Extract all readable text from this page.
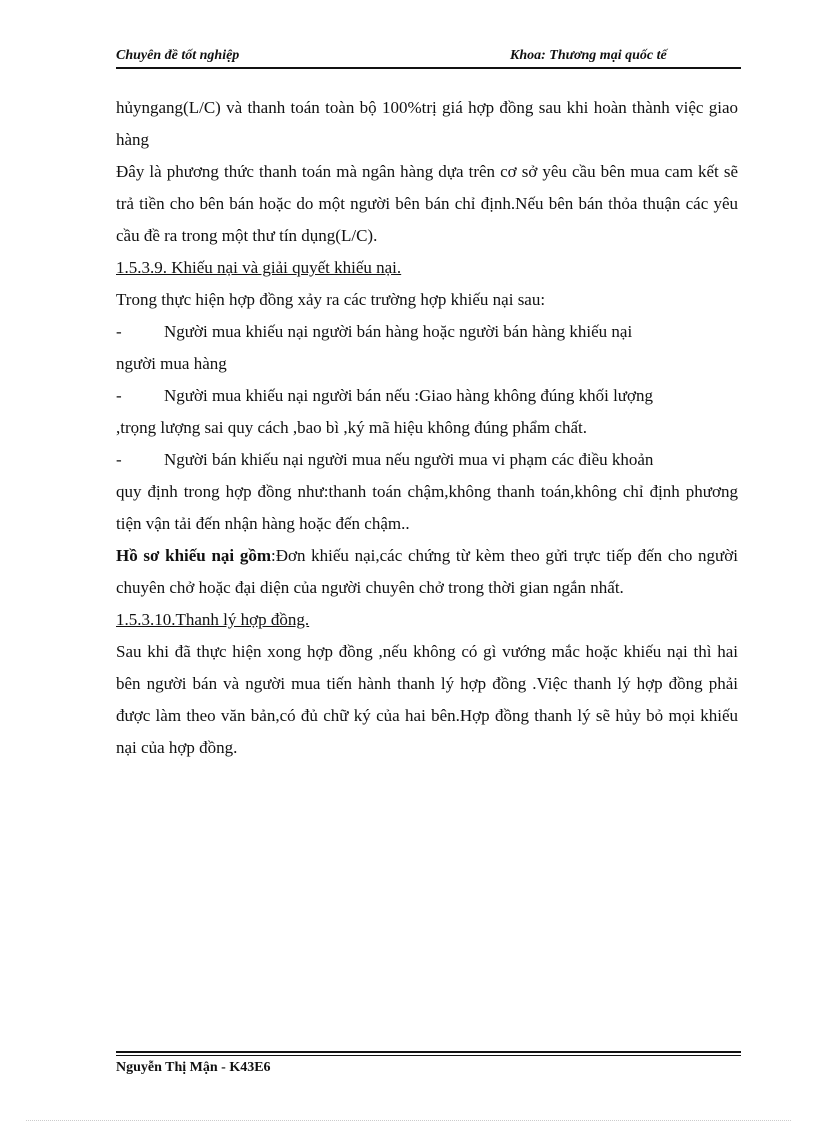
Chuyên đề tốt nghiệp	Khoa: Thương mại quốc tế

hủyngang(L/C) và thanh toán toàn bộ 100%trị giá hợp đồng sau khi hoàn thành việc giao hàng

Đây là phương thức thanh toán mà ngân hàng dựa trên cơ sở yêu cầu bên mua cam kết sẽ trả tiền cho bên bán hoặc do một người bên bán chỉ định.Nếu bên bán thỏa thuận các yêu cầu đề ra trong một thư tín dụng(L/C).

1.5.3.9. Khiếu nại và giải quyết khiếu nại.

Trong thực hiện hợp đồng xảy ra các trường hợp khiếu nại sau:

-	Người mua khiếu nại người bán hàng hoặc người bán hàng khiếu nại

người mua hàng

-	Người mua khiếu nại người bán nếu :Giao hàng không đúng khối lượng

,trọng lượng sai quy cách ,bao bì ,ký mã hiệu không đúng phẩm chất.

-	Người bán khiếu nại người mua nếu người mua vi phạm các điều khoản

quy định trong hợp đồng như:thanh toán chậm,không thanh toán,không chỉ định phương tiện vận tải đến nhận hàng hoặc đến chậm..

Hồ sơ khiếu nại gồm:Đơn khiếu nại,các chứng từ kèm theo gửi trực tiếp đến cho người chuyên chở hoặc đại diện của người chuyên chở trong thời gian ngắn nhất.

1.5.3.10.Thanh lý hợp đồng.

Sau khi đã thực hiện xong hợp đồng ,nếu không có gì vướng mắc hoặc khiếu nại thì hai bên người bán và người mua tiến hành thanh lý hợp đồng .Việc thanh lý hợp đồng phải được làm theo văn bản,có đủ chữ ký của hai bên.Hợp đồng thanh lý sẽ hủy bỏ mọi khiếu nại của hợp đồng.

Nguyễn Thị Mận - K43E6
